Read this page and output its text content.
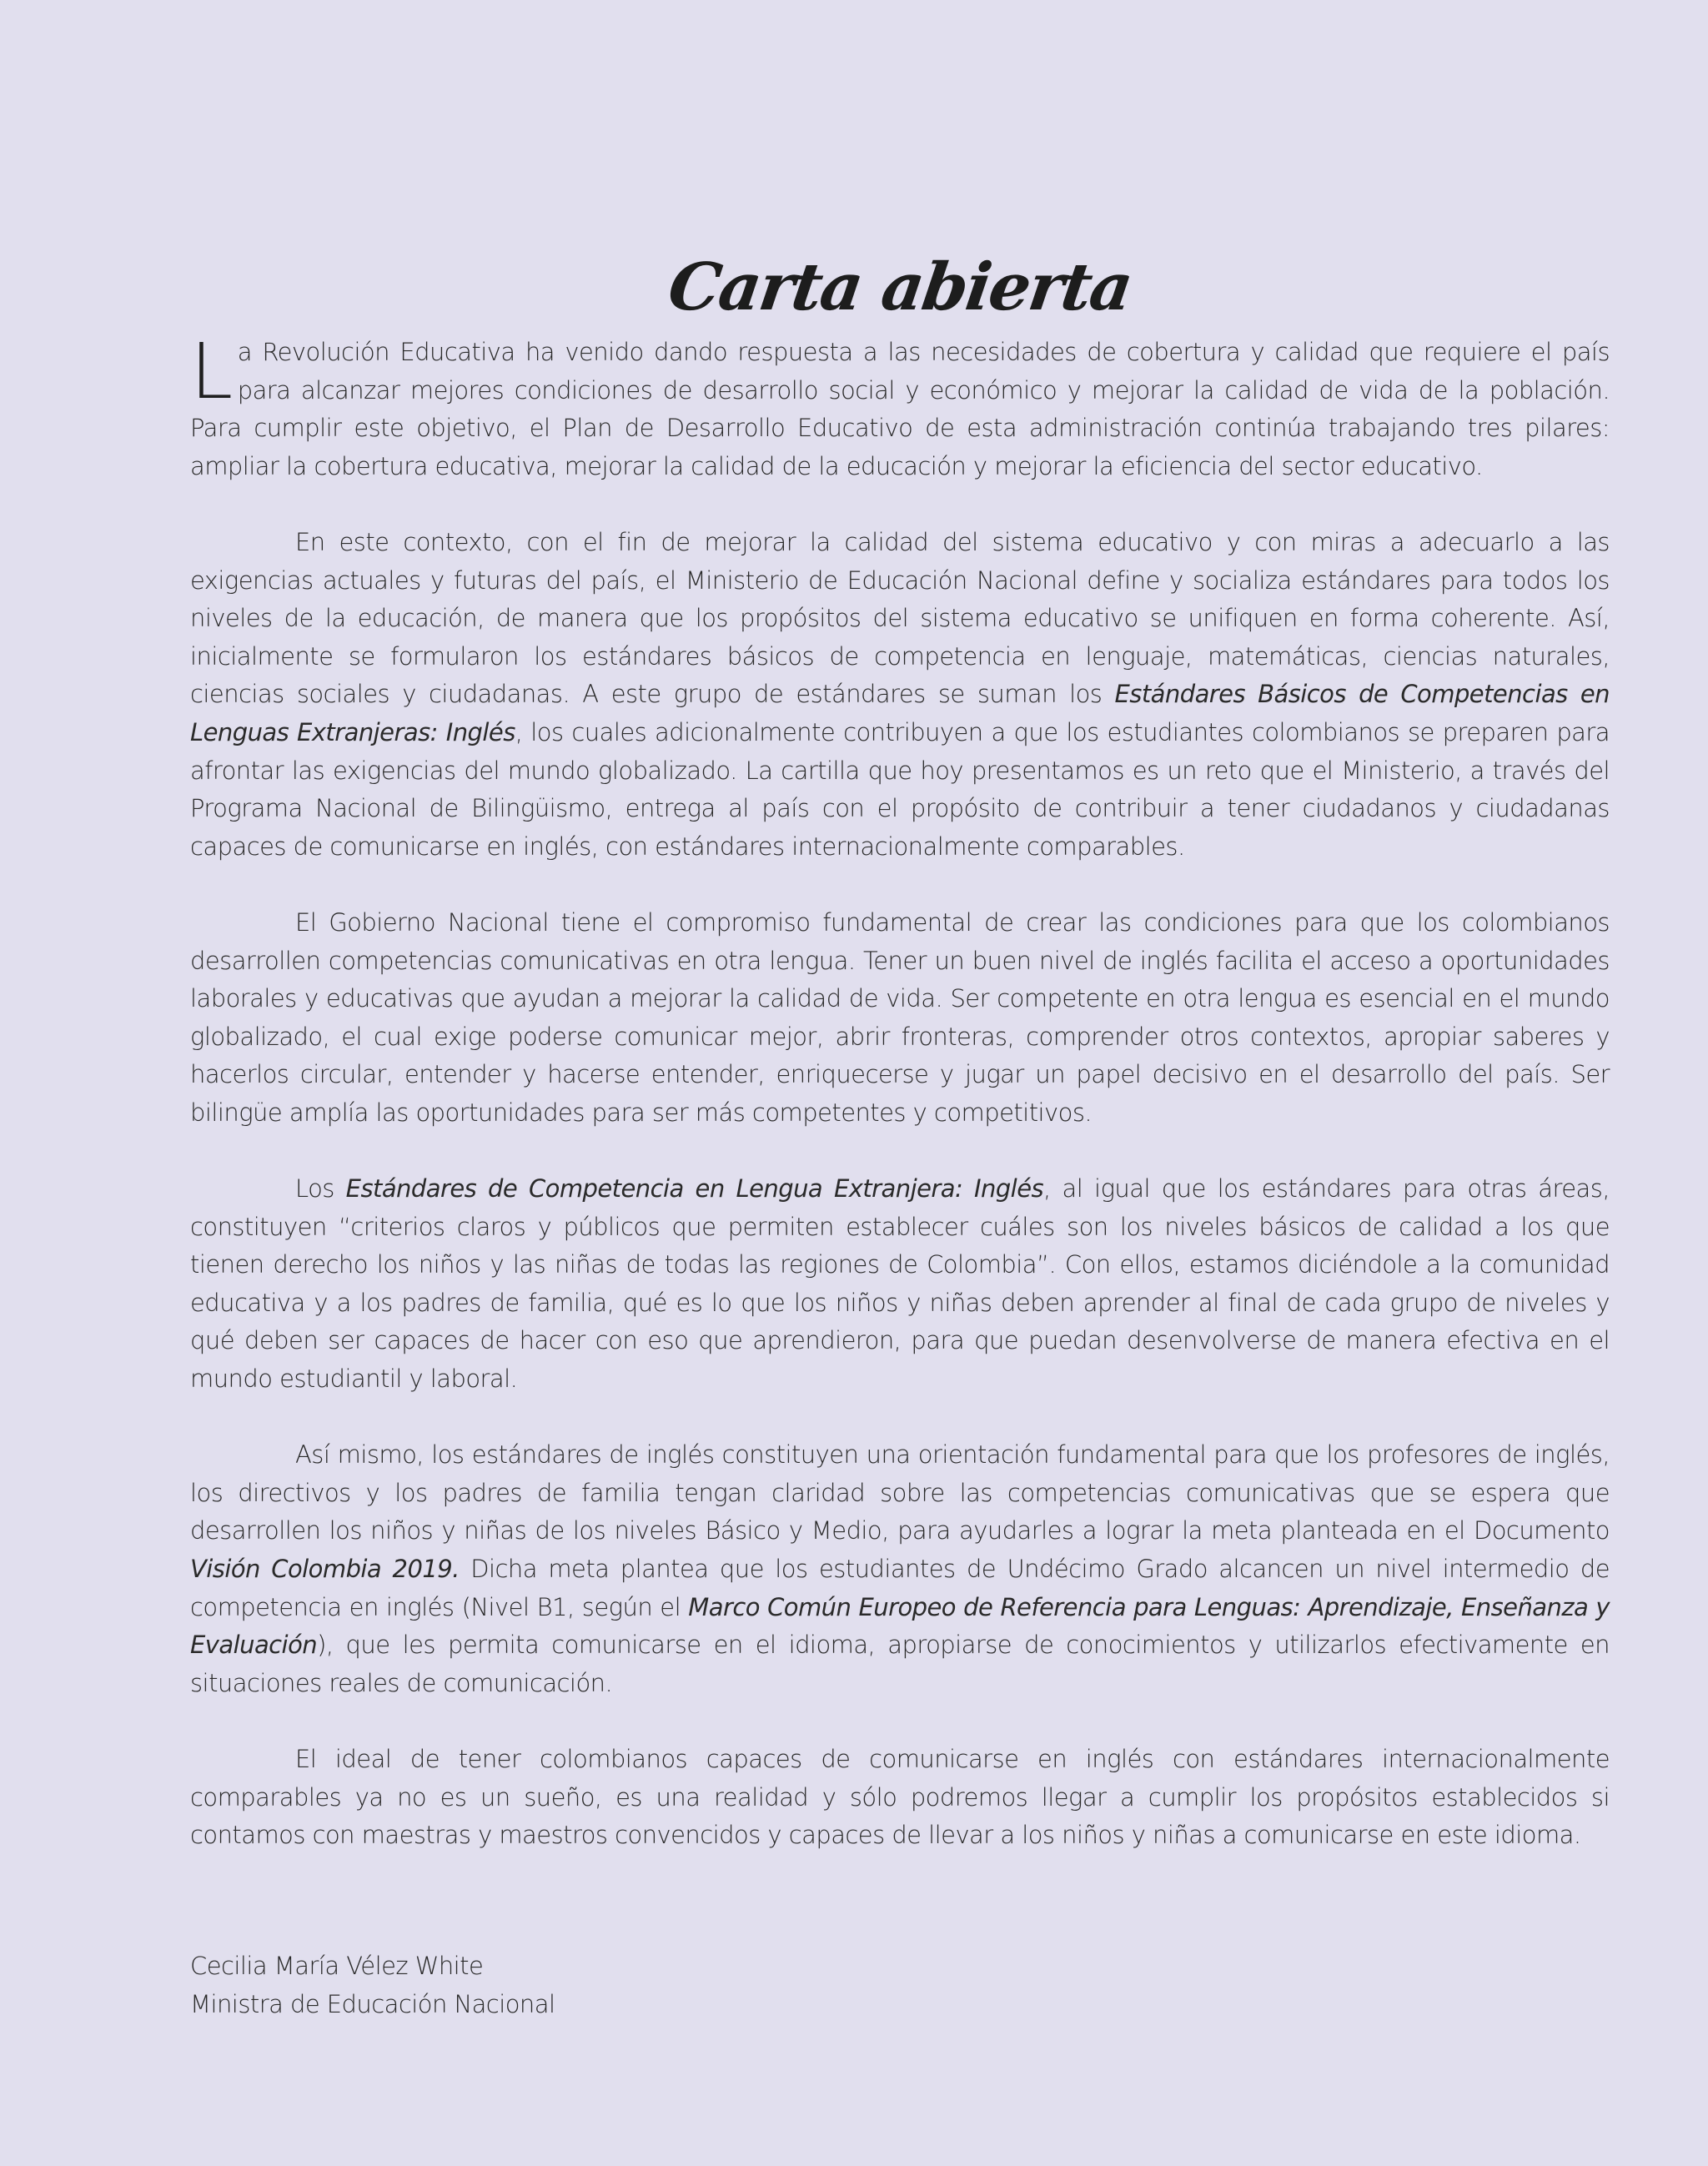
Carta abierta

La Revolución Educativa ha venido dando respuesta a las necesidades de cobertura y calidad que requiere el país para alcanzar mejores condiciones de desarrollo social y económico y mejorar la calidad de vida de la población. Para cumplir este objetivo, el Plan de Desarrollo Educativo de esta administración continúa trabajando tres pilares: ampliar la cobertura educativa, mejorar la calidad de la educación y mejorar la eficiencia del sector educativo.

En este contexto, con el fin de mejorar la calidad del sistema educativo y con miras a adecuarlo a las exigencias actuales y futuras del país, el Ministerio de Educación Nacional define y socializa estándares para todos los niveles de la educación, de manera que los propósitos del sistema educativo se unifiquen en forma coherente. Así, inicialmente se formularon los estándares básicos de competencia en lenguaje, matemáticas, ciencias naturales, ciencias sociales y ciudadanas. A este grupo de estándares se suman los Estándares Básicos de Competencias en Lenguas Extranjeras: Inglés, los cuales adicionalmente contribuyen a que los estudiantes colombianos se preparen para afrontar las exigencias del mundo globalizado. La cartilla que hoy presentamos es un reto que el Ministerio, a través del Programa Nacional de Bilingüismo, entrega al país con el propósito de contribuir a tener ciudadanos y ciudadanas capaces de comunicarse en inglés, con estándares internacionalmente comparables.

El Gobierno Nacional tiene el compromiso fundamental de crear las condiciones para que los colombianos desarrollen competencias comunicativas en otra lengua. Tener un buen nivel de inglés facilita el acceso a oportunidades laborales y educativas que ayudan a mejorar la calidad de vida. Ser competente en otra lengua es esencial en el mundo globalizado, el cual exige poderse comunicar mejor, abrir fronteras, comprender otros contextos, apropiar saberes y hacerlos circular, entender y hacerse entender, enriquecerse y jugar un papel decisivo en el desarrollo del país. Ser bilingüe amplía las oportunidades para ser más competentes y competitivos.

Los Estándares de Competencia en Lengua Extranjera: Inglés, al igual que los estándares para otras áreas, constituyen “criterios claros y públicos que permiten establecer cuáles son los niveles básicos de calidad a los que tienen derecho los niños y las niñas de todas las regiones de Colombia”. Con ellos, estamos diciéndole a la comunidad educativa y a los padres de familia, qué es lo que los niños y niñas deben aprender al final de cada grupo de niveles y qué deben ser capaces de hacer con eso que aprendieron, para que puedan desenvolverse de manera efectiva en el mundo estudiantil y laboral.

Así mismo, los estándares de inglés constituyen una orientación fundamental para que los profesores de inglés, los directivos y los padres de familia tengan claridad sobre las competencias comunicativas que se espera que desarrollen los niños y niñas de los niveles Básico y Medio, para ayudarles a lograr la meta planteada en el Documento Visión Colombia 2019. Dicha meta plantea que los estudiantes de Undécimo Grado alcancen un nivel intermedio de competencia en inglés (Nivel B1, según el Marco Común Europeo de Referencia para Lenguas: Aprendizaje, Enseñanza y Evaluación), que les permita comunicarse en el idioma, apropiarse de conocimientos y utilizarlos efectivamente en situaciones reales de comunicación.

El ideal de tener colombianos capaces de comunicarse en inglés con estándares internacionalmente comparables ya no es un sueño, es una realidad y sólo podremos llegar a cumplir los propósitos establecidos si contamos con maestras y maestros convencidos y capaces de llevar a los niños y niñas a comunicarse en este idioma.

Cecilia María Vélez White
Ministra de Educación Nacional
